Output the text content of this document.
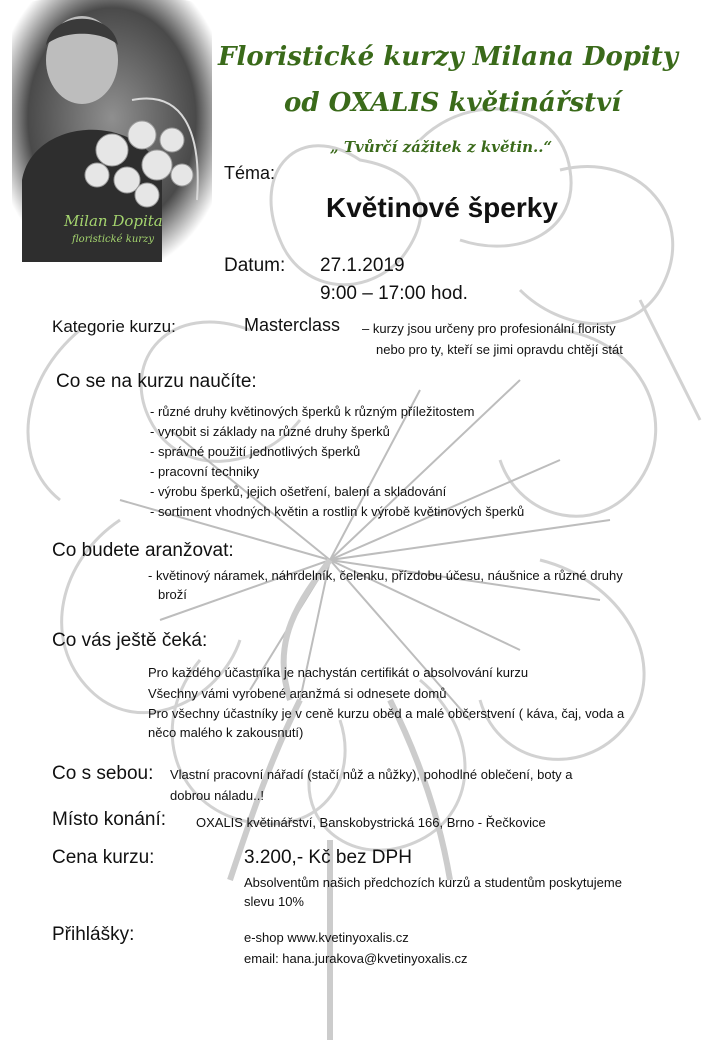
Milan Dopita
floristické kurzy
Floristické kurzy Milana Dopity
od OXALIS květinářství
„ Tvůrčí zážitek z květin..“
Téma:
Květinové šperky
Datum: 27.1.2019
9:00 – 17:00 hod.
Kategorie kurzu:	Masterclass – kurzy jsou určeny pro profesionální floristy
nebo pro ty, kteří se jimi opravdu chtějí stát
Co se na kurzu naučíte:
- různé druhy květinových šperků k různým příležitostem
- vyrobit si základy na různé druhy šperků
- správné použití jednotlivých šperků
- pracovní techniky
- výrobu šperků, jejich ošetření, balení a skladování
- sortiment vhodných květin a rostlin k výrobě květinových šperků
Co budete aranžovat:
- květinový náramek, náhrdelník, čelenku, přízdobu účesu, náušnice a různé druhy
broží
Co vás ještě čeká:
Pro každého účastníka je nachystán certifikát o absolvování kurzu
Všechny vámi vyrobené aranžmá si odnesete domů
Pro všechny účastníky je v ceně kurzu oběd a malé občerstvení ( káva, čaj, voda a
něco malého k zakousnutí)
Co s sebou: Vlastní pracovní nářadí (stačí nůž a nůžky), pohodlné oblečení, boty a
dobrou náladu..!
Místo konání: OXALIS květinářství, Banskobystrická 166, Brno - Řečkovice
Cena kurzu:	3.200,- Kč bez DPH
Absolventům našich předchozích kurzů a studentům poskytujeme
slevu 10%
Přihlášky:	e-shop www.kvetinyoxalis.cz
email: hana.jurakova@kvetinyoxalis.cz
